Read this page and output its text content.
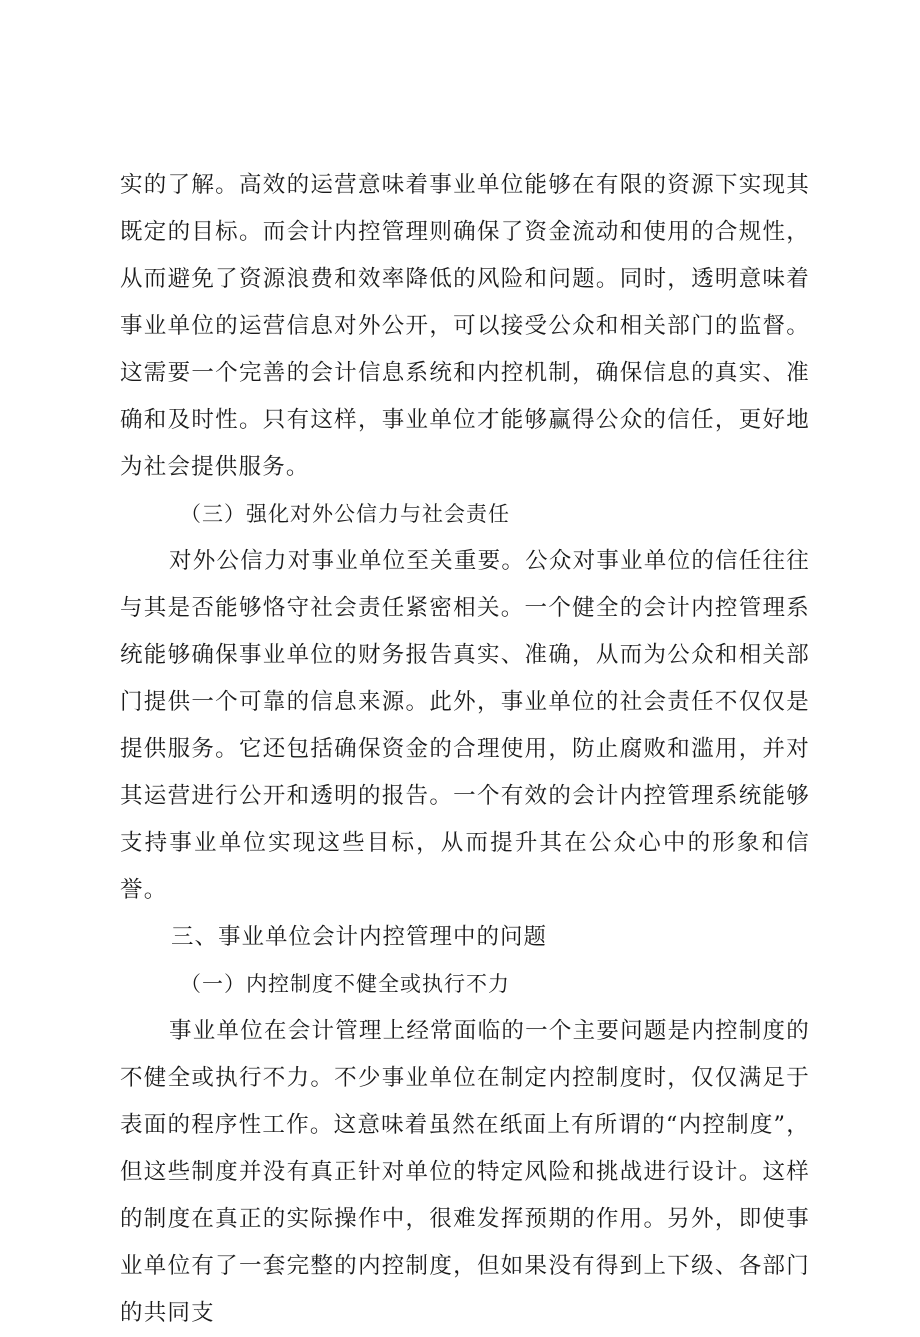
实的了解。高效的运营意味着事业单位能够在有限的资源下实现其既定的目标。而会计内控管理则确保了资金流动和使用的合规性，从而避免了资源浪费和效率降低的风险和问题。同时，透明意味着事业单位的运营信息对外公开，可以接受公众和相关部门的监督。这需要一个完善的会计信息系统和内控机制，确保信息的真实、准确和及时性。只有这样，事业单位才能够赢得公众的信任，更好地为社会提供服务。

（三）强化对外公信力与社会责任

对外公信力对事业单位至关重要。公众对事业单位的信任往往与其是否能够恪守社会责任紧密相关。一个健全的会计内控管理系统能够确保事业单位的财务报告真实、准确，从而为公众和相关部门提供一个可靠的信息来源。此外，事业单位的社会责任不仅仅是提供服务。它还包括确保资金的合理使用，防止腐败和滥用，并对其运营进行公开和透明的报告。一个有效的会计内控管理系统能够支持事业单位实现这些目标，从而提升其在公众心中的形象和信誉。

三、事业单位会计内控管理中的问题

（一）内控制度不健全或执行不力

事业单位在会计管理上经常面临的一个主要问题是内控制度的不健全或执行不力。不少事业单位在制定内控制度时，仅仅满足于表面的程序性工作。这意味着虽然在纸面上有所谓的“内控制度”，但这些制度并没有真正针对单位的特定风险和挑战进行设计。这样的制度在真正的实际操作中，很难发挥预期的作用。另外，即使事业单位有了一套完整的内控制度，但如果没有得到上下级、各部门的共同支
